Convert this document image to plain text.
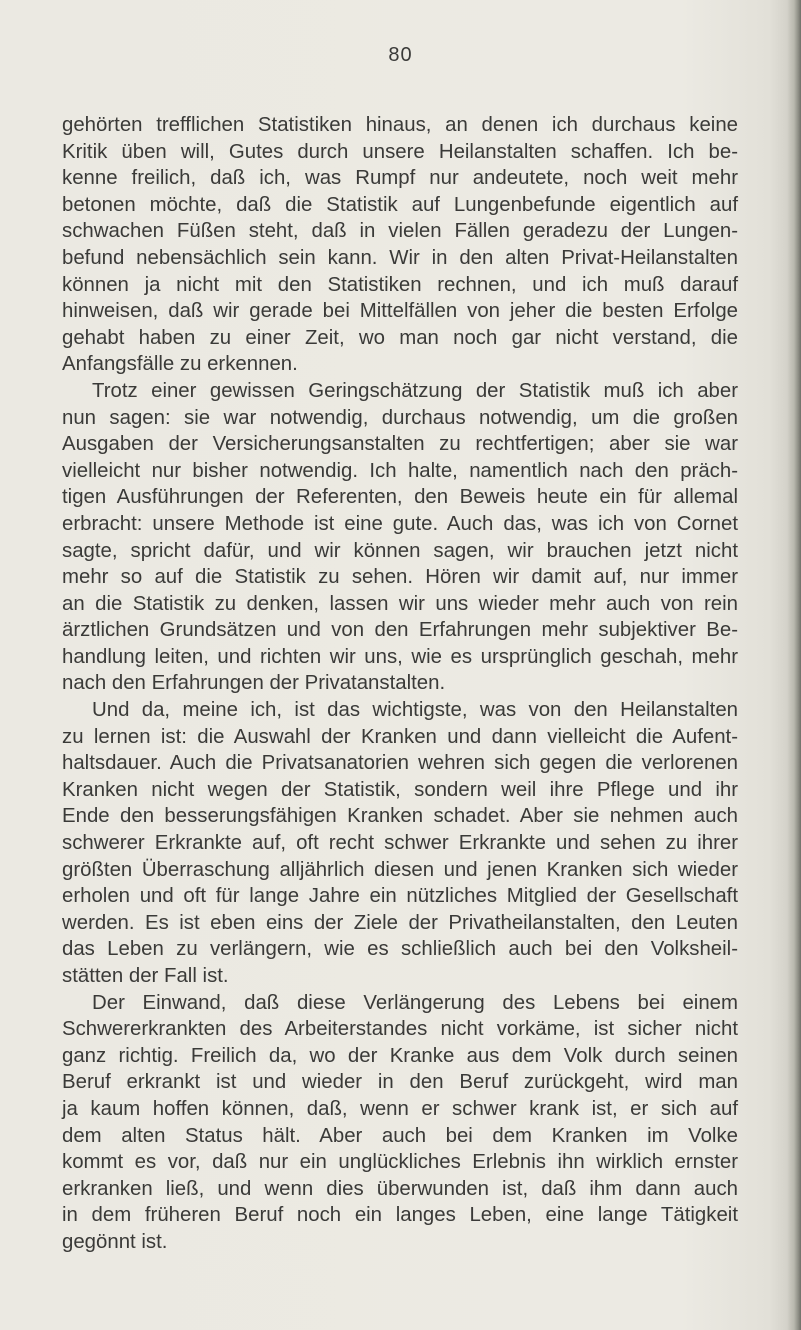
80

gehörten trefflichen Statistiken hinaus, an denen ich durchaus keine

Kritik üben will, Gutes durch unsere Heilanstalten schaffen. Ich be-

kenne freilich, daß ich, was Rumpf nur andeutete, noch weit mehr

betonen möchte, daß die Statistik auf Lungenbefunde eigentlich auf

schwachen Füßen steht, daß in vielen Fällen geradezu der Lungen-

befund nebensächlich sein kann. Wir in den alten Privat-Heilanstalten

können ja nicht mit den Statistiken rechnen, und ich muß darauf

hinweisen, daß wir gerade bei Mittelfällen von jeher die besten Erfolge

gehabt haben zu einer Zeit, wo man noch gar nicht verstand, die

Anfangsfälle zu erkennen.

Trotz einer gewissen Geringschätzung der Statistik muß ich aber

nun sagen: sie war notwendig, durchaus notwendig, um die großen

Ausgaben der Versicherungsanstalten zu rechtfertigen; aber sie war

vielleicht nur bisher notwendig. Ich halte, namentlich nach den präch-

tigen Ausführungen der Referenten, den Beweis heute ein für allemal

erbracht: unsere Methode ist eine gute. Auch das, was ich von Cornet

sagte, spricht dafür, und wir können sagen, wir brauchen jetzt nicht

mehr so auf die Statistik zu sehen. Hören wir damit auf, nur immer

an die Statistik zu denken, lassen wir uns wieder mehr auch von rein

ärztlichen Grundsätzen und von den Erfahrungen mehr subjektiver Be-

handlung leiten, und richten wir uns, wie es ursprünglich geschah, mehr

nach den Erfahrungen der Privatanstalten.

Und da, meine ich, ist das wichtigste, was von den Heilanstalten

zu lernen ist: die Auswahl der Kranken und dann vielleicht die Aufent-

haltsdauer. Auch die Privatsanatorien wehren sich gegen die verlorenen

Kranken nicht wegen der Statistik, sondern weil ihre Pflege und ihr

Ende den besserungsfähigen Kranken schadet. Aber sie nehmen auch

schwerer Erkrankte auf, oft recht schwer Erkrankte und sehen zu ihrer

größten Überraschung alljährlich diesen und jenen Kranken sich wieder

erholen und oft für lange Jahre ein nützliches Mitglied der Gesellschaft

werden. Es ist eben eins der Ziele der Privatheilanstalten, den Leuten

das Leben zu verlängern, wie es schließlich auch bei den Volksheil-

stätten der Fall ist.

Der Einwand, daß diese Verlängerung des Lebens bei einem

Schwererkrankten des Arbeiterstandes nicht vorkäme, ist sicher nicht

ganz richtig. Freilich da, wo der Kranke aus dem Volk durch seinen

Beruf erkrankt ist und wieder in den Beruf zurückgeht, wird man

ja kaum hoffen können, daß, wenn er schwer krank ist, er sich auf

dem alten Status hält. Aber auch bei dem Kranken im Volke

kommt es vor, daß nur ein unglückliches Erlebnis ihn wirklich ernster

erkranken ließ, und wenn dies überwunden ist, daß ihm dann auch

in dem früheren Beruf noch ein langes Leben, eine lange Tätigkeit

gegönnt ist.
